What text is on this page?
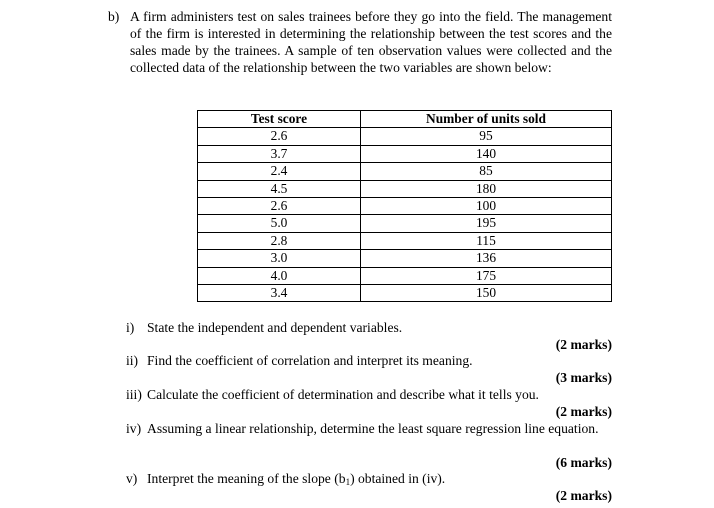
b) A firm administers test on sales trainees before they go into the field. The management of the firm is interested in determining the relationship between the test scores and the sales made by the trainees. A sample of ten observation values were collected and the collected data of the relationship between the two variables are shown below:
Test score	Number of units sold
2.6	95
3.7	140
2.4	85
4.5	180
2.6	100
5.0	195
2.8	115
3.0	136
4.0	175
3.4	150
i) State the independent and dependent variables.
(2 marks)
ii) Find the coefficient of correlation and interpret its meaning.
(3 marks)
iii) Calculate the coefficient of determination and describe what it tells you.
(2 marks)
iv) Assuming a linear relationship, determine the least square regression line equation.
(6 marks)
v) Interpret the meaning of the slope $(b_1)$ obtained in (iv).
(2 marks)
